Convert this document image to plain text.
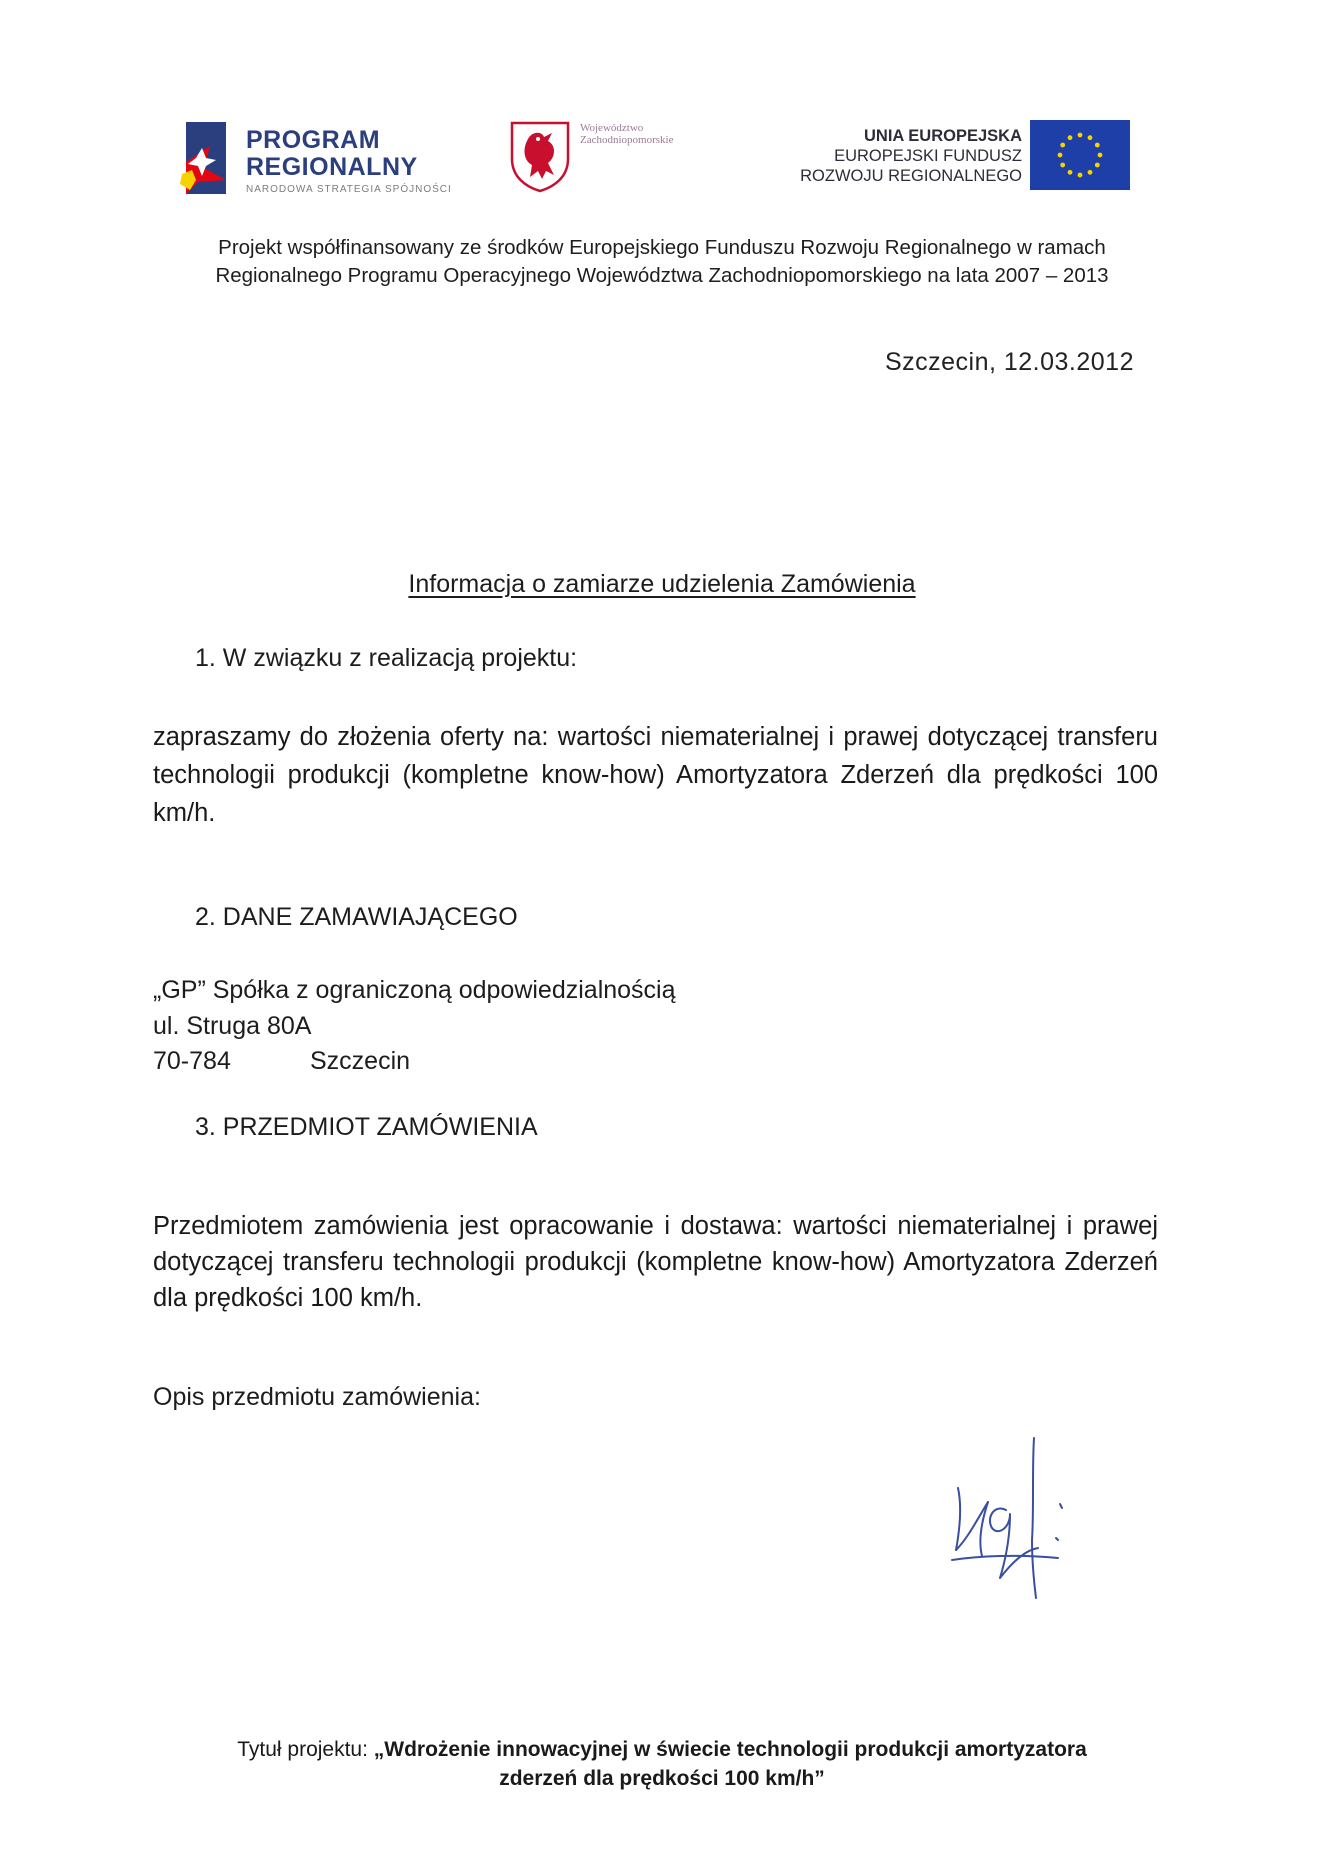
PROGRAM
REGIONALNY
NARODOWA STRATEGIA SPÓJNOŚCI
Województwo
Zachodniopomorskie	UNIA EUROPEJSKA
EUROPEJSKI FUNDUSZ
ROZWOJU REGIONALNEGO
Projekt współfinansowany ze środków Europejskiego Funduszu Rozwoju Regionalnego w ramach
Regionalnego Programu Operacyjnego Województwa Zachodniopomorskiego na lata 2007 – 2013
Szczecin, 12.03.2012
Informacja o zamiarze udzielenia Zamówienia
1. W związku z realizacją projektu:
zapraszamy do złożenia oferty na: wartości niematerialnej i prawej dotyczącej transferu technologii produkcji (kompletne know-how) Amortyzatora Zderzeń dla prędkości 100 km/h.
2. DANE ZAMAWIAJĄCEGO
„GP” Spółka z ograniczoną odpowiedzialnością
ul. Struga 80A
70-784	Szczecin
3. PRZEDMIOT ZAMÓWIENIA
Przedmiotem zamówienia jest opracowanie i dostawa: wartości niematerialnej i prawej dotyczącej transferu technologii produkcji (kompletne know-how) Amortyzatora Zderzeń dla prędkości 100 km/h.
Opis przedmiotu zamówienia:
Tytuł projektu: „Wdrożenie innowacyjnej w świecie technologii produkcji amortyzatora
zderzeń dla prędkości 100 km/h”
